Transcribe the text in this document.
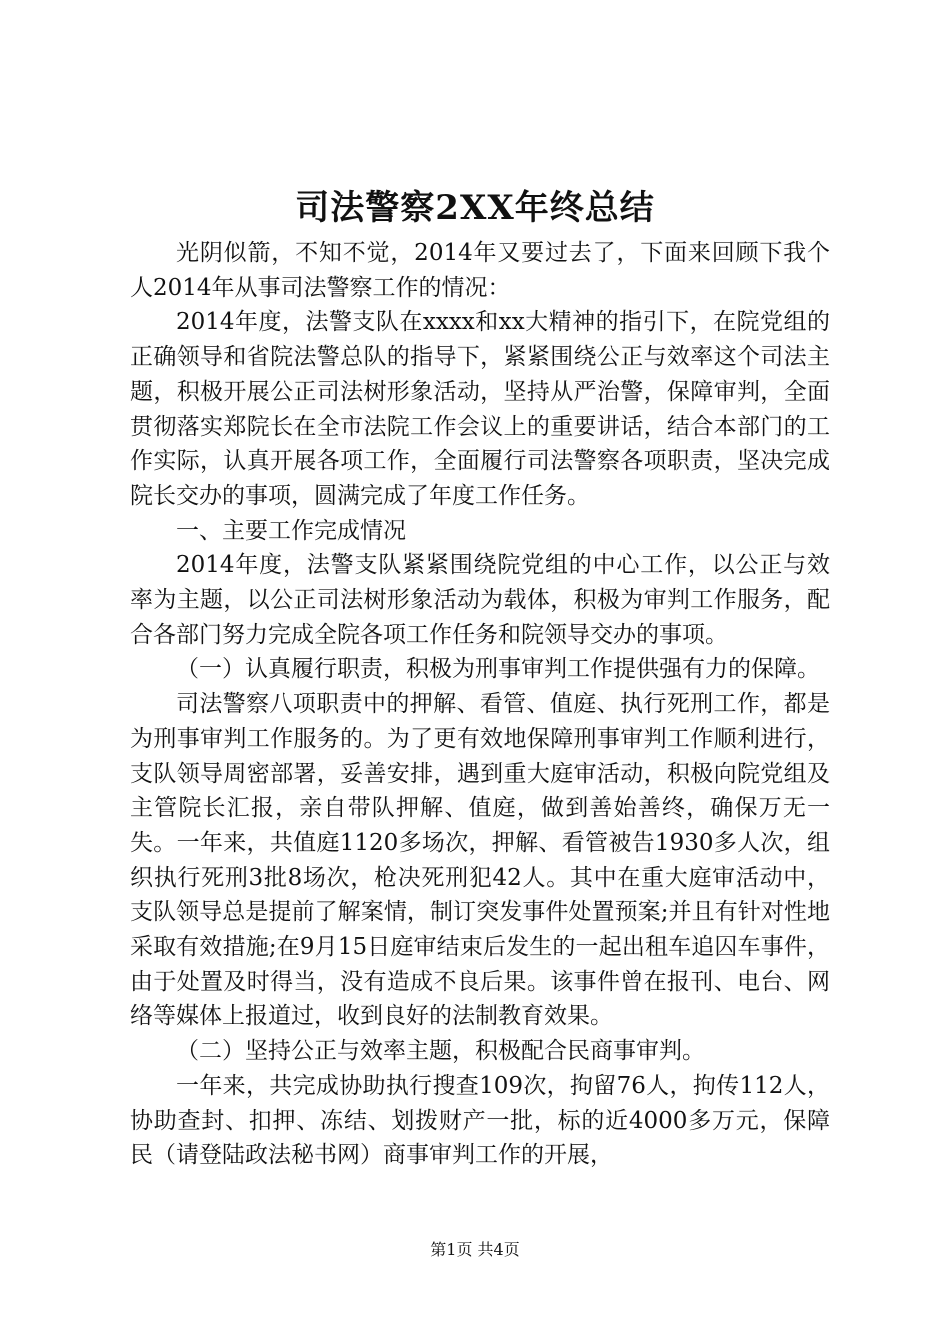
司法警察2XX年终总结

光阴似箭，不知不觉，2014年又要过去了，下面来回顾下我个人2014年从事司法警察工作的情况：

2014年度，法警支队在xxxx和xx大精神的指引下，在院党组的正确领导和省院法警总队的指导下，紧紧围绕公正与效率这个司法主题，积极开展公正司法树形象活动，坚持从严治警，保障审判，全面贯彻落实郑院长在全市法院工作会议上的重要讲话，结合本部门的工作实际，认真开展各项工作，全面履行司法警察各项职责，坚决完成院长交办的事项，圆满完成了年度工作任务。

一、主要工作完成情况

2014年度，法警支队紧紧围绕院党组的中心工作，以公正与效率为主题，以公正司法树形象活动为载体，积极为审判工作服务，配合各部门努力完成全院各项工作任务和院领导交办的事项。

（一）认真履行职责，积极为刑事审判工作提供强有力的保障。

司法警察八项职责中的押解、看管、值庭、执行死刑工作，都是为刑事审判工作服务的。为了更有效地保障刑事审判工作顺利进行，支队领导周密部署，妥善安排，遇到重大庭审活动，积极向院党组及主管院长汇报，亲自带队押解、值庭，做到善始善终，确保万无一失。一年来，共值庭1120多场次，押解、看管被告1930多人次，组织执行死刑3批8场次，枪决死刑犯42人。其中在重大庭审活动中，支队领导总是提前了解案情，制订突发事件处置预案;并且有针对性地采取有效措施;在9月15日庭审结束后发生的一起出租车追囚车事件，由于处置及时得当，没有造成不良后果。该事件曾在报刊、电台、网络等媒体上报道过，收到良好的法制教育效果。

（二）坚持公正与效率主题，积极配合民商事审判。

一年来，共完成协助执行搜查109次，拘留76人，拘传112人，协助查封、扣押、冻结、划拨财产一批，标的近4000多万元，保障民（请登陆政法秘书网）商事审判工作的开展，

第1页 共4页
